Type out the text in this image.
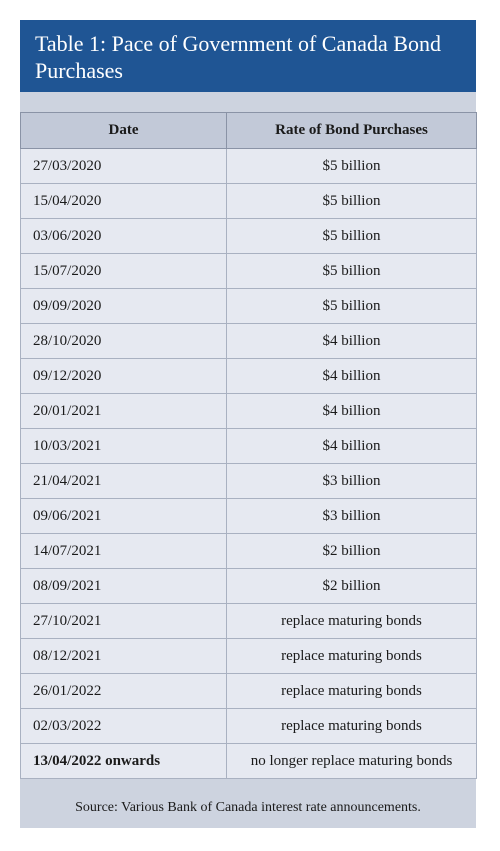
Table 1: Pace of Government of Canada Bond Purchases
Date	Rate of Bond Purchases
27/03/2020	$5 billion
15/04/2020	$5 billion
03/06/2020	$5 billion
15/07/2020	$5 billion
09/09/2020	$5 billion
28/10/2020	$4 billion
09/12/2020	$4 billion
20/01/2021	$4 billion
10/03/2021	$4 billion
21/04/2021	$3 billion
09/06/2021	$3 billion
14/07/2021	$2 billion
08/09/2021	$2 billion
27/10/2021	replace maturing bonds
08/12/2021	replace maturing bonds
26/01/2022	replace maturing bonds
02/03/2022	replace maturing bonds
13/04/2022 onwards	no longer replace maturing bonds
Source: Various Bank of Canada interest rate announcements.
